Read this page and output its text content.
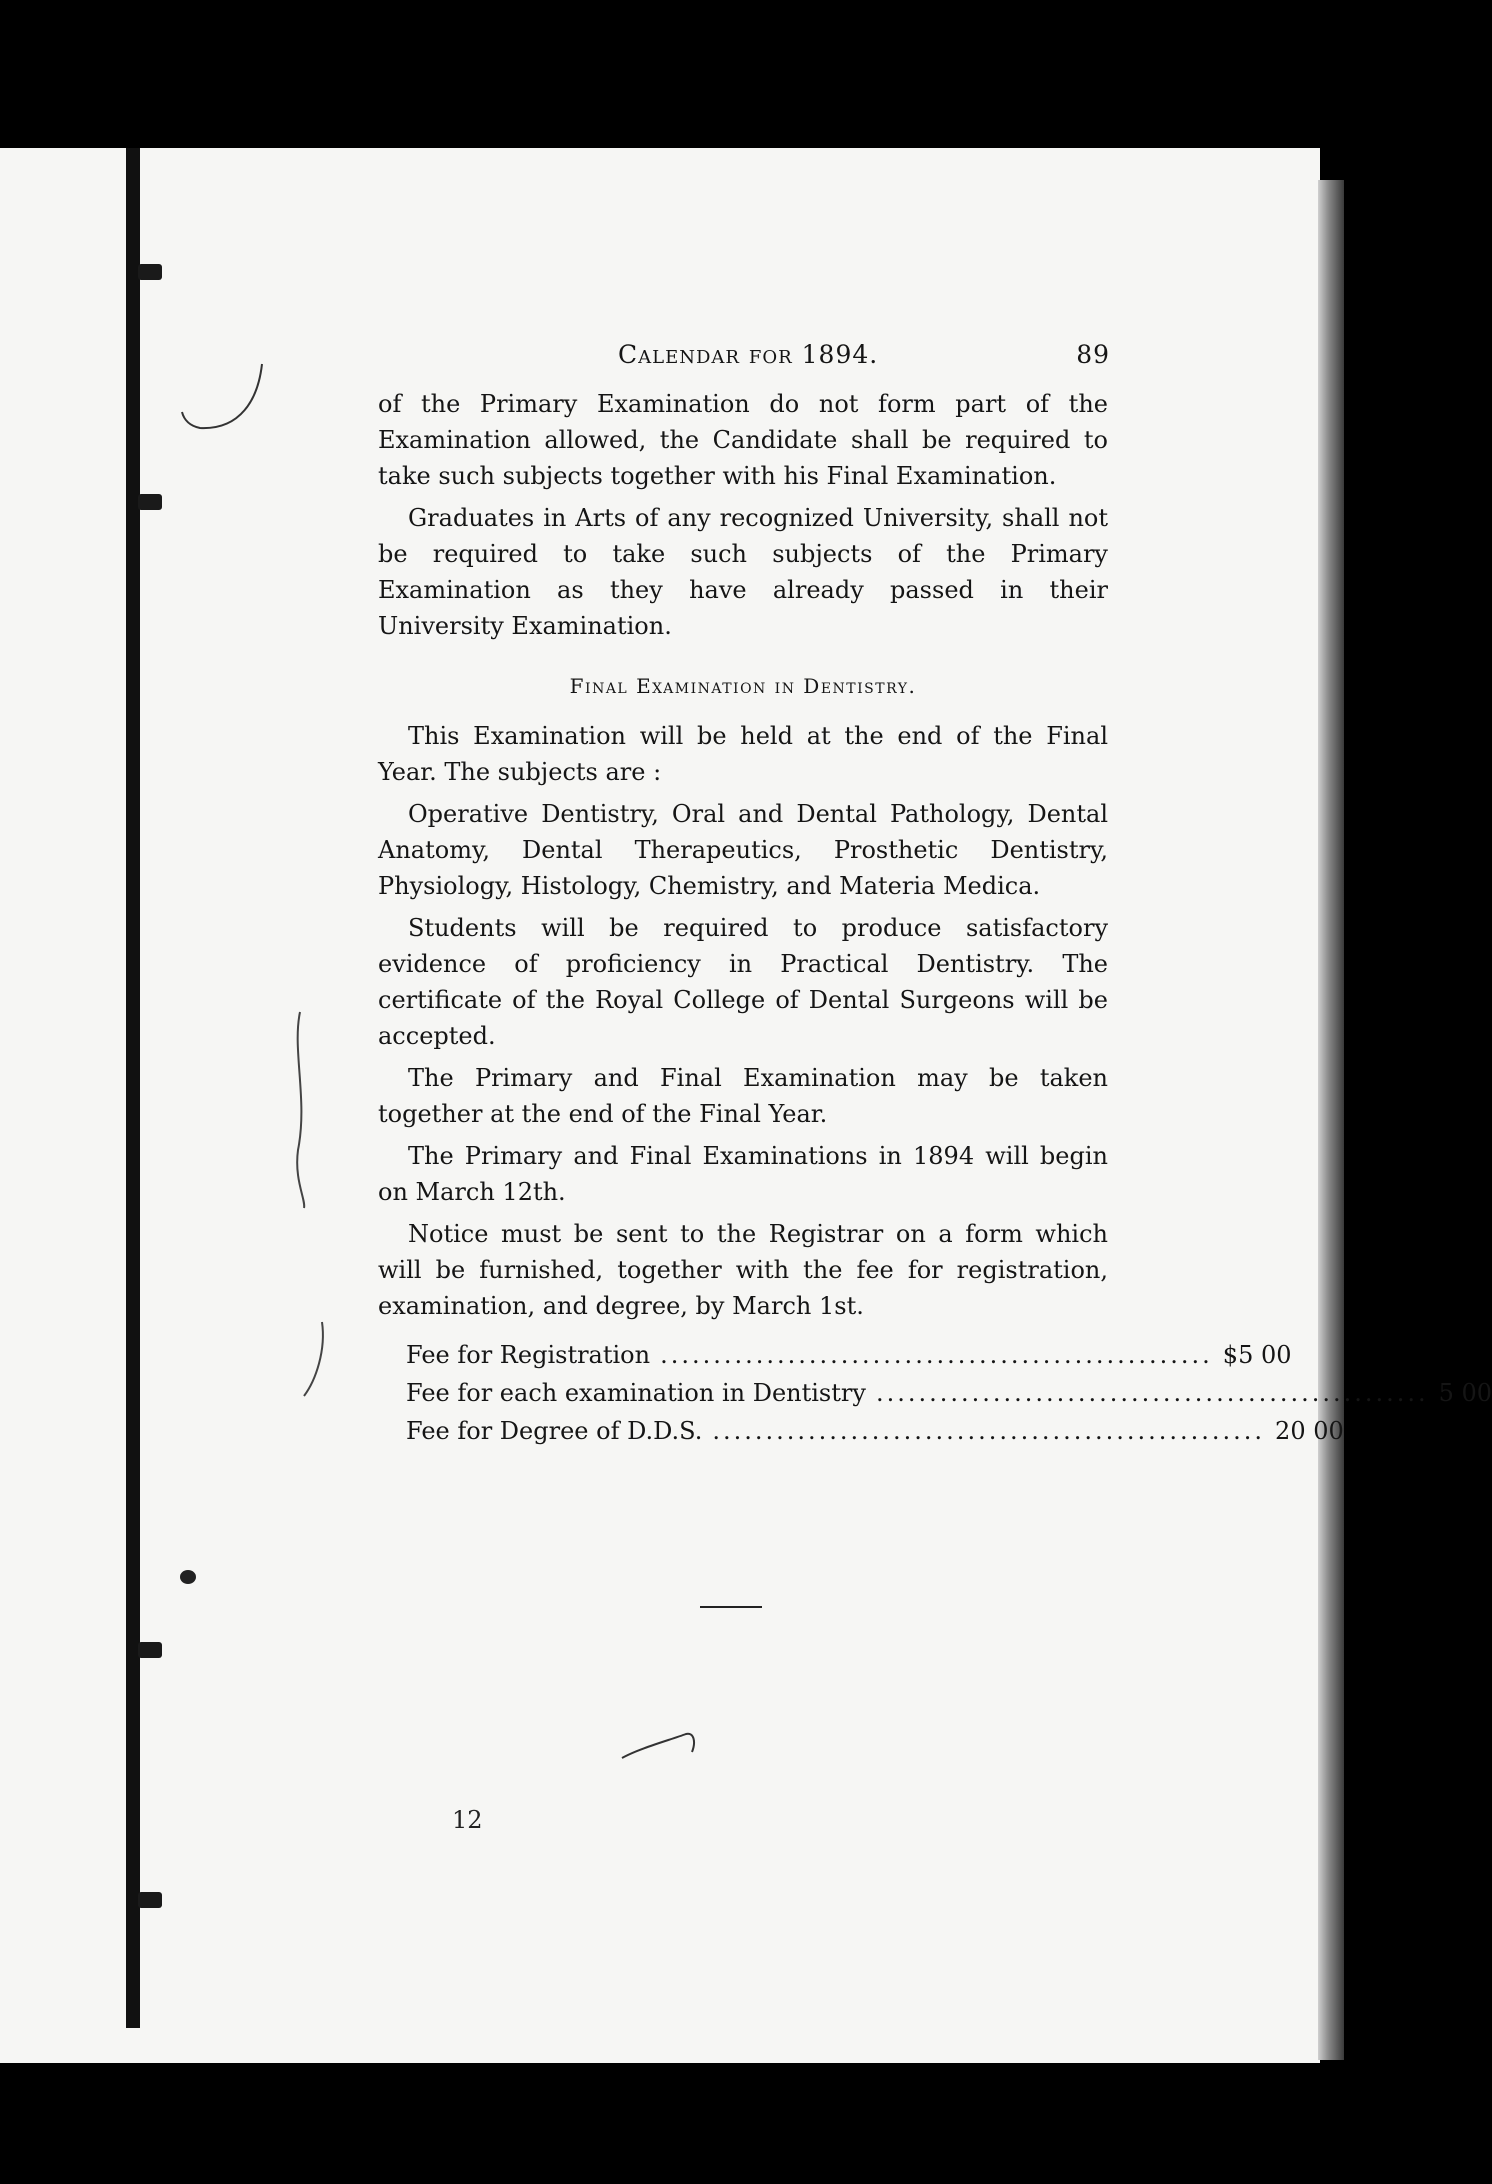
Calendar for 1894.	89

of the Primary Examination do not form part of the Examination allowed, the Candidate shall be required to take such subjects together with his Final Examination.

Graduates in Arts of any recognized University, shall not be required to take such subjects of the Primary Examination as they have already passed in their University Examination.

Final Examination in Dentistry.

This Examination will be held at the end of the Final Year. The subjects are :

Operative Dentistry, Oral and Dental Pathology, Dental Anatomy, Dental Therapeutics, Prosthetic Dentistry, Physiology, Histology, Chemistry, and Materia Medica.

Students will be required to produce satisfactory evidence of proficiency in Practical Dentistry. The certificate of the Royal College of Dental Surgeons will be accepted.

The Primary and Final Examination may be taken together at the end of the Final Year.

The Primary and Final Examinations in 1894 will begin on March 12th.

Notice must be sent to the Registrar on a form which will be furnished, together with the fee for registration, examination, and degree, by March 1st.

Fee for Registration .................................................... $5 00
Fee for each examination in Dentistry .................................................... 5 00
Fee for Degree of D.D.S. .................................................... 20 00
12
